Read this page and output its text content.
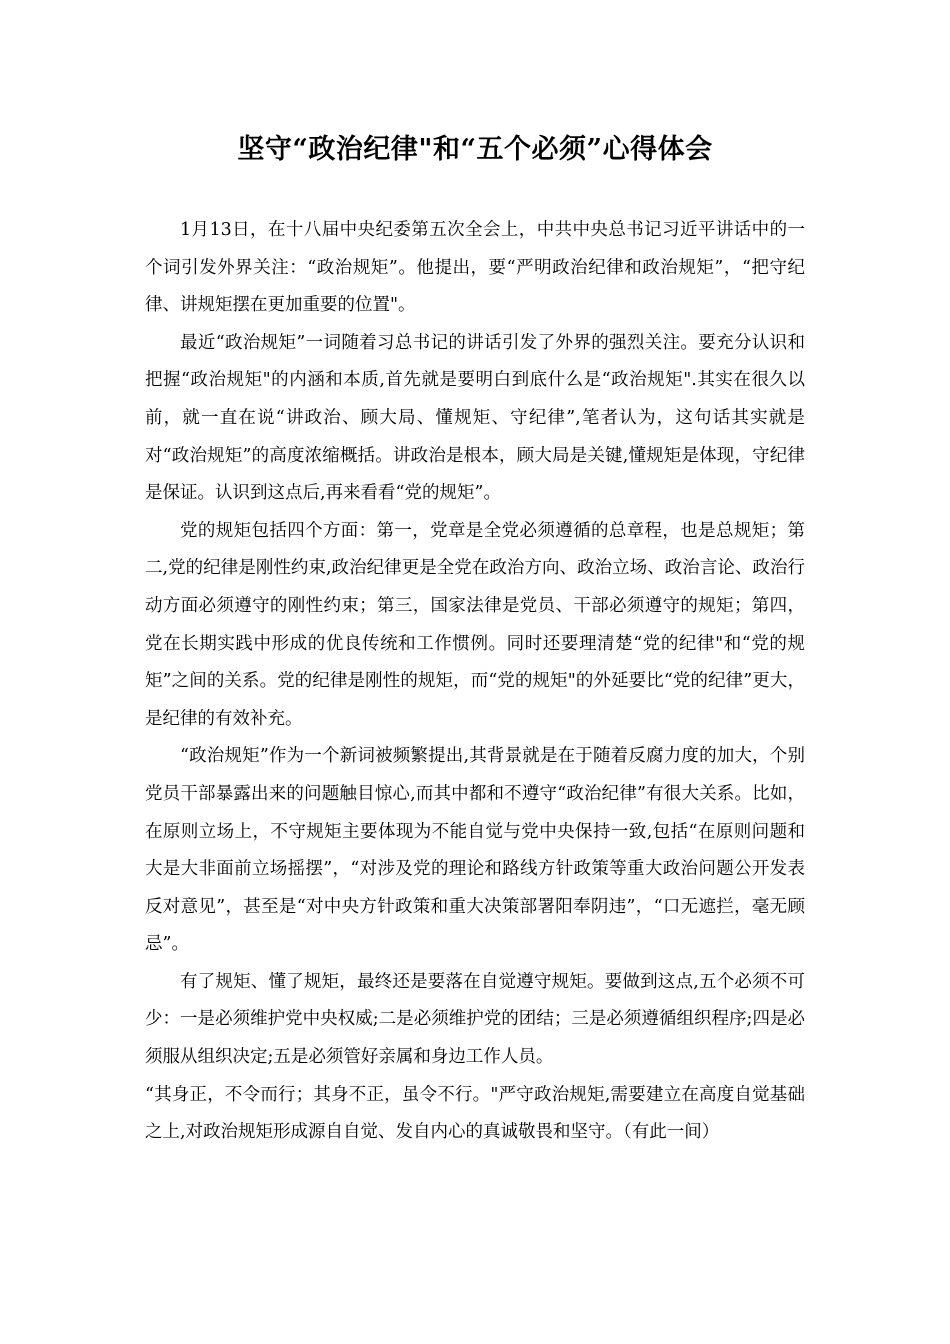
坚守“政治纪律"和“五个必须”心得体会

1月13日，在十八届中央纪委第五次全会上，中共中央总书记习近平讲话中的一个词引发外界关注：“政治规矩”。他提出，要“严明政治纪律和政治规矩”，“把守纪律、讲规矩摆在更加重要的位置"。

最近“政治规矩”一词随着习总书记的讲话引发了外界的强烈关注。要充分认识和把握“政治规矩"的内涵和本质,首先就是要明白到底什么是“政治规矩".其实在很久以前，就一直在说“讲政治、顾大局、懂规矩、守纪律”,笔者认为，这句话其实就是对“政治规矩”的高度浓缩概括。讲政治是根本，顾大局是关键,懂规矩是体现，守纪律是保证。认识到这点后,再来看看“党的规矩”。

党的规矩包括四个方面：第一，党章是全党必须遵循的总章程，也是总规矩；第二,党的纪律是刚性约束,政治纪律更是全党在政治方向、政治立场、政治言论、政治行动方面必须遵守的刚性约束；第三，国家法律是党员、干部必须遵守的规矩；第四，党在长期实践中形成的优良传统和工作惯例。同时还要理清楚“党的纪律"和“党的规矩”之间的关系。党的纪律是刚性的规矩，而“党的规矩"的外延要比“党的纪律”更大，是纪律的有效补充。

“政治规矩”作为一个新词被频繁提出,其背景就是在于随着反腐力度的加大，个别党员干部暴露出来的问题触目惊心,而其中都和不遵守“政治纪律”有很大关系。比如，在原则立场上，不守规矩主要体现为不能自觉与党中央保持一致,包括“在原则问题和大是大非面前立场摇摆”，“对涉及党的理论和路线方针政策等重大政治问题公开发表反对意见”，甚至是“对中央方针政策和重大决策部署阳奉阴违”，“口无遮拦，毫无顾忌”。

有了规矩、懂了规矩，最终还是要落在自觉遵守规矩。要做到这点,五个必须不可少：一是必须维护党中央权威;二是必须维护党的团结；三是必须遵循组织程序;四是必须服从组织决定;五是必须管好亲属和身边工作人员。

“其身正，不令而行；其身不正，虽令不行。"严守政治规矩,需要建立在高度自觉基础之上,对政治规矩形成源自自觉、发自内心的真诚敬畏和坚守。（有此一间）
